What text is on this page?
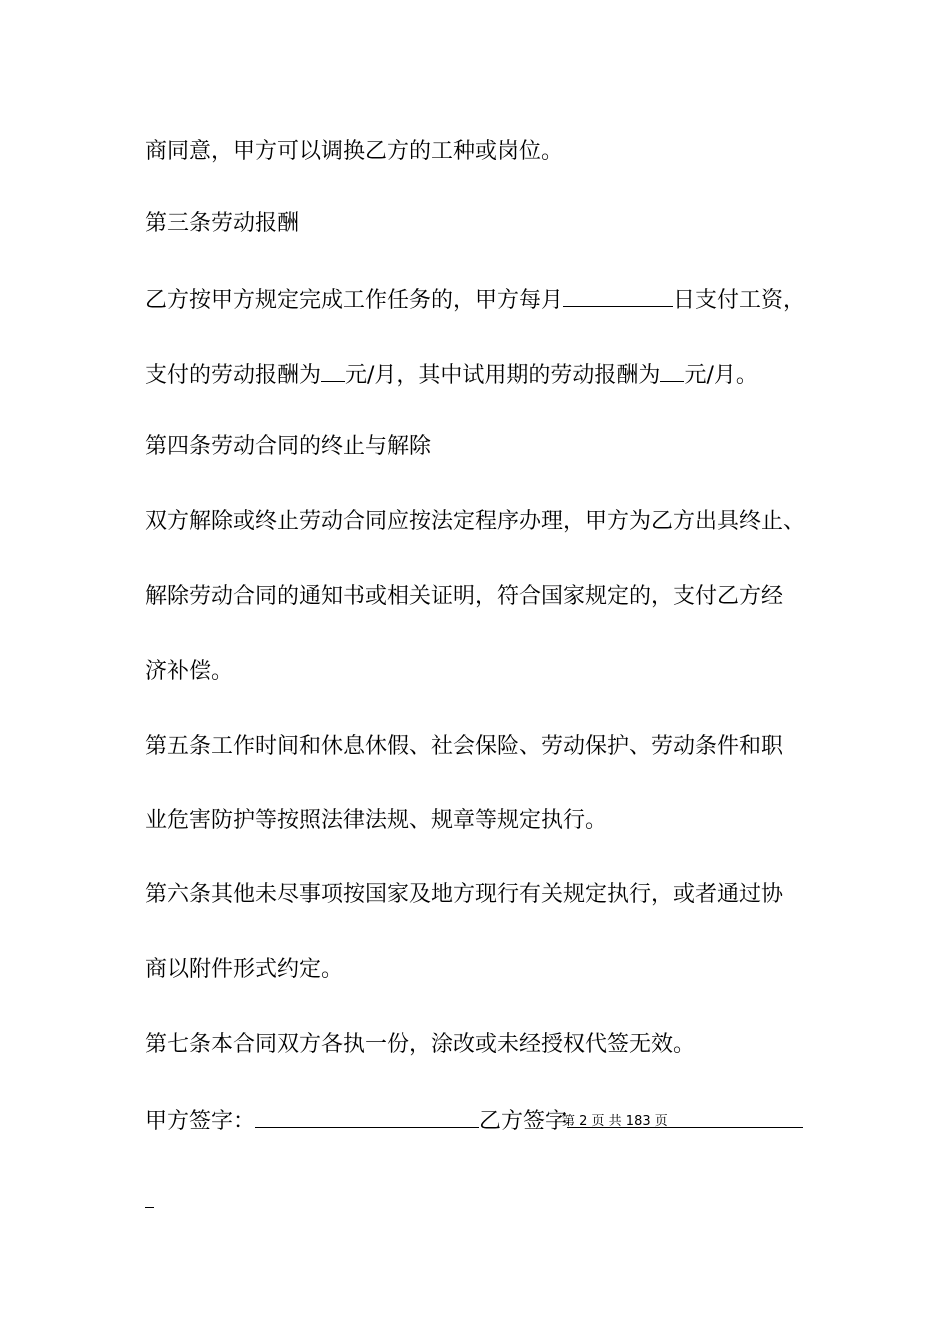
商同意，甲方可以调换乙方的工种或岗位。
第三条劳动报酬
乙方按甲方规定完成工作任务的，甲方每月	日支付工资，
支付的劳动报酬为 元/月，其中试用期的劳动报酬为 元/月。
第四条劳动合同的终止与解除
双方解除或终止劳动合同应按法定程序办理，甲方为乙方出具终止、
解除劳动合同的通知书或相关证明，符合国家规定的，支付乙方经
济补偿。
第五条工作时间和休息休假、社会保险、劳动保护、劳动条件和职
业危害防护等按照法律法规、规章等规定执行。
第六条其他未尽事项按国家及地方现行有关规定执行，或者通过协
商以附件形式约定。
第七条本合同双方各执一份，涂改或未经授权代签无效。
甲方签字：	乙方签字
第 2 页 共 183 页
